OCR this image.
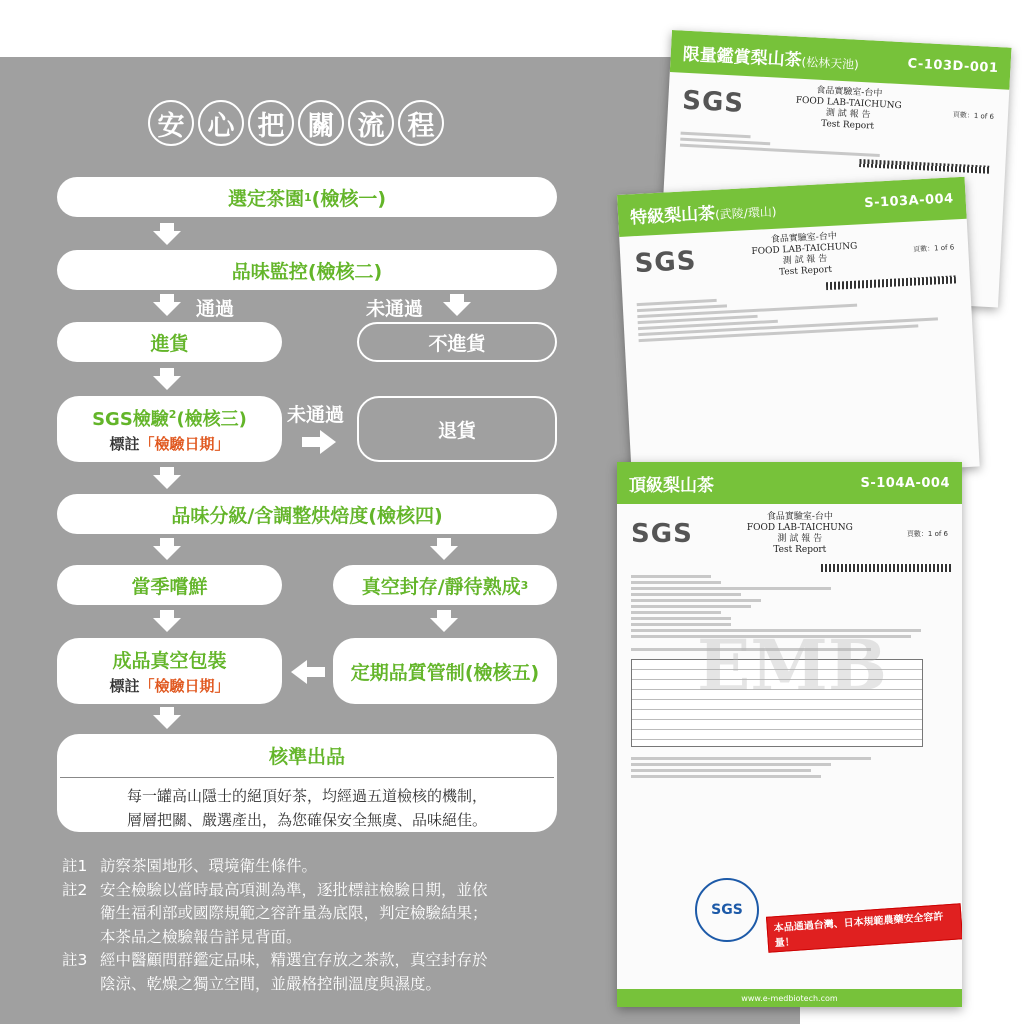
安 心 把 關 流 程
選定茶園 1 (檢核一)
品味監控 (檢核二)
通過	未通過
進貨	不進貨
SGS檢驗$^2$(檢核三)
標註「檢驗日期」
未通過
退貨
品味分級/含調整烘焙度 (檢核四)
當季嚐鮮	真空封存/靜待熟成 3
成品真空包裝
標註「檢驗日期」
定期品質管制 (檢核五)
核準出品
每一罐高山隱士的絕頂好茶，均經過五道檢核的機制，
層層把關、嚴選產出，為您確保安全無虞、品味絕佳。
註1 訪察茶園地形、環境衛生條件。
註2 安全檢驗以當時最高項測為準，逐批標註檢驗日期，並依
衛生福利部或國際規範之容許量為底限，判定檢驗結果；
本茶品之檢驗報告詳見背面。
註3 經中醫顧問群鑑定品味，精選宜存放之茶款，真空封存於
陰涼、乾燥之獨立空間，並嚴格控制溫度與濕度。
限量鑑賞梨山茶(松林天池)	C-103D-001
SGS	食品實驗室-台中
FOOD LAB-TAICHUNG
測 試 報 告
Test Report
頁數：1 of 6
特級梨山茶(武陵/環山)
S-103A-004
SGS
食品實驗室-台中
FOOD LAB-TAICHUNG
測 試 報 告
Test Report
頁數：1 of 6
頂級梨山茶	S-104A-004
SGS
食品實驗室-台中
FOOD LAB-TAICHUNG
測 試 報 告
Test Report
頁數：1 of 6
EMB
SGS
本品通過台灣、日本規範農藥安全容許量！
www.e-medbiotech.com
